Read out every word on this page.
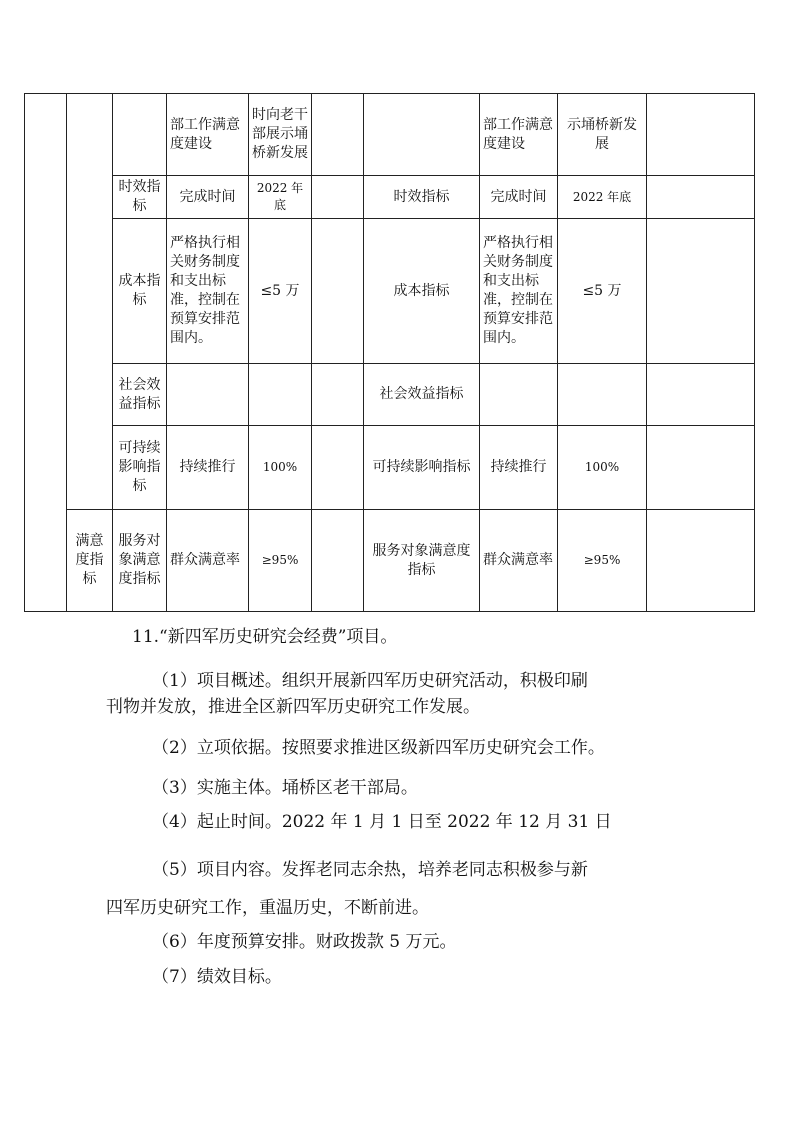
			部工作满意度建设	时向老干部展示埇桥新发展			部工作满意度建设	示埇桥新发展	
		时效指标	完成时间	2022 年底		时效指标	完成时间	2022 年底	
		成本指标	严格执行相关财务制度和支出标准，控制在预算安排范围内。	≤5 万		成本指标	严格执行相关财务制度和支出标准，控制在预算安排范围内。	≤5 万	
		社会效益指标				社会效益指标			
		可持续影响指标	持续推行	100%		可持续影响指标	持续推行	100%	
	满意度指标	服务对象满意度指标	群众满意率	≥95%		服务对象满意度指标	群众满意率	≥95%	
11.“新四军历史研究会经费”项目。
（1）项目概述。组织开展新四军历史研究活动，积极印刷
刊物并发放，推进全区新四军历史研究工作发展。
（2）立项依据。按照要求推进区级新四军历史研究会工作。
（3）实施主体。埇桥区老干部局。
（4）起止时间。2022 年 1 月 1 日至 2022 年 12 月 31 日
（5）项目内容。发挥老同志余热，培养老同志积极参与新
四军历史研究工作，重温历史，不断前进。
（6）年度预算安排。财政拨款 5 万元。
（7）绩效目标。
